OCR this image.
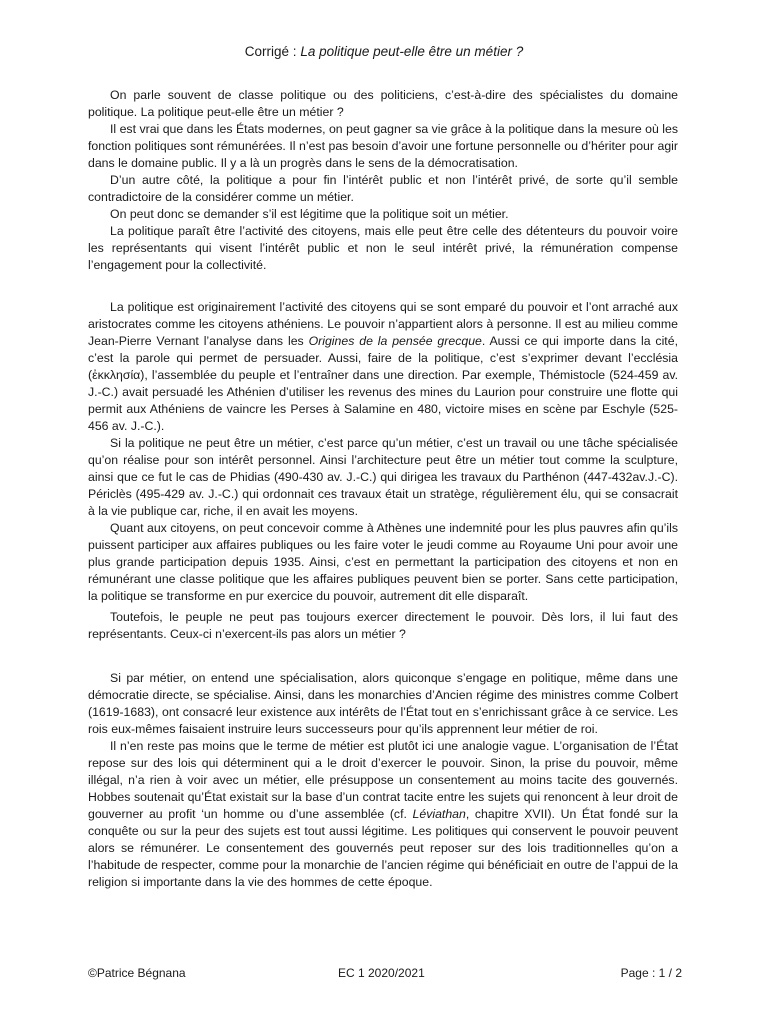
Corrigé : La politique peut-elle être un métier ?

On parle souvent de classe politique ou des politiciens, c’est-à-dire des spécialistes du domaine politique. La politique peut-elle être un métier ?

Il est vrai que dans les États modernes, on peut gagner sa vie grâce à la politique dans la mesure où les fonction politiques sont rémunérées. Il n’est pas besoin d’avoir une fortune personnelle ou d’hériter pour agir dans le domaine public. Il y a là un progrès dans le sens de la démocratisation.

D’un autre côté, la politique a pour fin l’intérêt public et non l’intérêt privé, de sorte qu’il semble contradictoire de la considérer comme un métier.

On peut donc se demander s’il est légitime que la politique soit un métier.

La politique paraît être l’activité des citoyens, mais elle peut être celle des détenteurs du pouvoir voire les représentants qui visent l’intérêt public et non le seul intérêt privé, la rémunération compense l’engagement pour la collectivité.

La politique est originairement l’activité des citoyens qui se sont emparé du pouvoir et l’ont arraché aux aristocrates comme les citoyens athéniens. Le pouvoir n’appartient alors à personne. Il est au milieu comme Jean-Pierre Vernant l’analyse dans les Origines de la pensée grecque. Aussi ce qui importe dans la cité, c’est la parole qui permet de persuader. Aussi, faire de la politique, c’est s’exprimer devant l’ecclésia (ἐκκλησία), l’assemblée du peuple et l’entraîner dans une direction. Par exemple, Thémistocle (524-459 av. J.-C.) avait persuadé les Athénien d’utiliser les revenus des mines du Laurion pour construire une flotte qui permit aux Athéniens de vaincre les Perses à Salamine en 480, victoire mises en scène par Eschyle (525-456 av. J.-C.).

Si la politique ne peut être un métier, c’est parce qu’un métier, c’est un travail ou une tâche spécialisée qu’on réalise pour son intérêt personnel. Ainsi l’architecture peut être un métier tout comme la sculpture, ainsi que ce fut le cas de Phidias (490-430 av. J.-C.) qui dirigea les travaux du Parthénon (447-432av.J.-C). Périclès (495-429 av. J.-C.) qui ordonnait ces travaux était un stratège, régulièrement élu, qui se consacrait à la vie publique car, riche, il en avait les moyens.

Quant aux citoyens, on peut concevoir comme à Athènes une indemnité pour les plus pauvres afin qu’ils puissent participer aux affaires publiques ou les faire voter le jeudi comme au Royaume Uni pour avoir une plus grande participation depuis 1935. Ainsi, c’est en permettant la participation des citoyens et non en rémunérant une classe politique que les affaires publiques peuvent bien se porter. Sans cette participation, la politique se transforme en pur exercice du pouvoir, autrement dit elle disparaît.

Toutefois, le peuple ne peut pas toujours exercer directement le pouvoir. Dès lors, il lui faut des représentants. Ceux-ci n’exercent-ils pas alors un métier ?

Si par métier, on entend une spécialisation, alors quiconque s’engage en politique, même dans une démocratie directe, se spécialise. Ainsi, dans les monarchies d’Ancien régime des ministres comme Colbert (1619-1683), ont consacré leur existence aux intérêts de l’État tout en s’enrichissant grâce à ce service. Les rois eux-mêmes faisaient instruire leurs successeurs pour qu’ils apprennent leur métier de roi.

Il n’en reste pas moins que le terme de métier est plutôt ici une analogie vague. L’organisation de l’État repose sur des lois qui déterminent qui a le droit d’exercer le pouvoir. Sinon, la prise du pouvoir, même illégal, n’a rien à voir avec un métier, elle présuppose un consentement au moins tacite des gouvernés. Hobbes soutenait qu’État existait sur la base d’un contrat tacite entre les sujets qui renoncent à leur droit de gouverner au profit ‘un homme ou d’une assemblée (cf. Léviathan, chapitre XVII). Un État fondé sur la conquête ou sur la peur des sujets est tout aussi légitime. Les politiques qui conservent le pouvoir peuvent alors se rémunérer. Le consentement des gouvernés peut reposer sur des lois traditionnelles qu’on a l’habitude de respecter, comme pour la monarchie de l’ancien régime qui bénéficiait en outre de l’appui de la religion si importante dans la vie des hommes de cette époque.

©Patrice Bégnana	EC 1 2020/2021	Page : 1 / 2
